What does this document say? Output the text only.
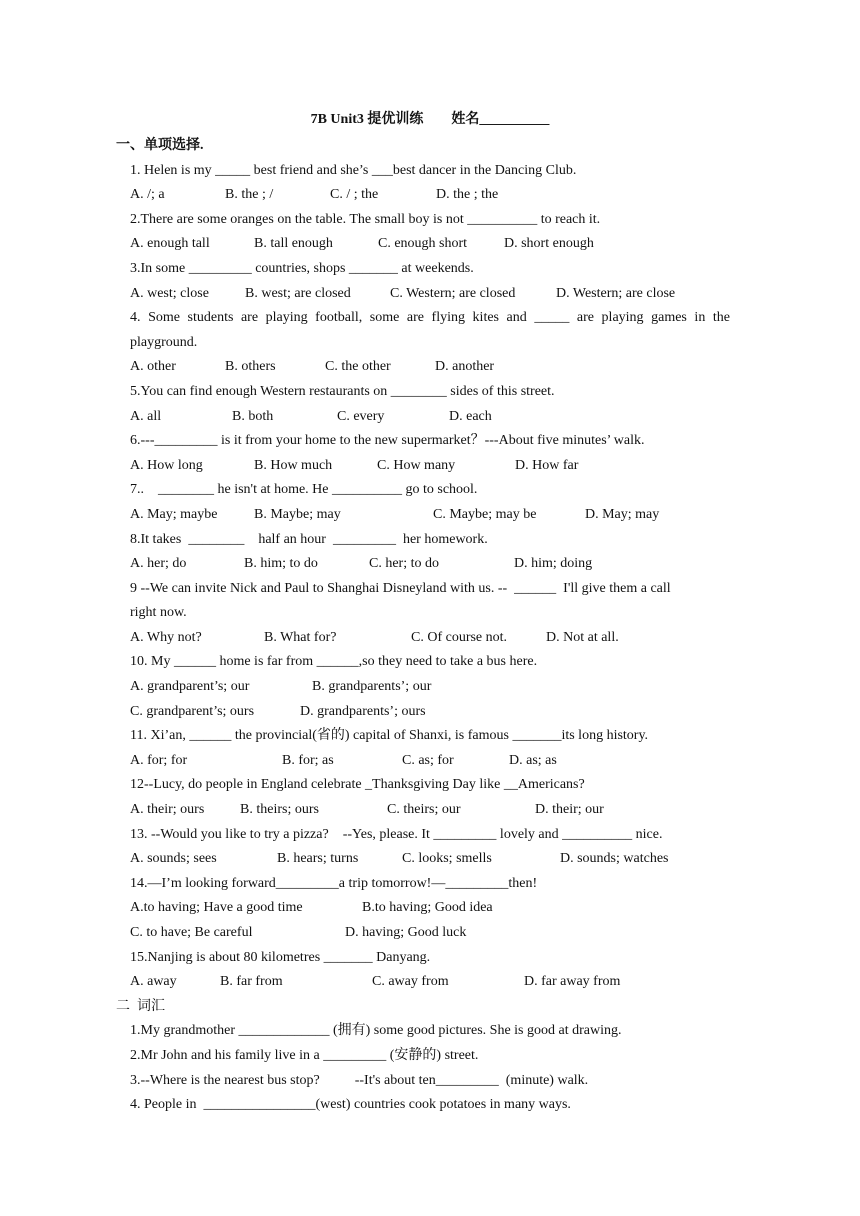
7B Unit3 提优训练 姓名__________
一、单项选择.
1. Helen is my _____ best friend and she’s ___best dancer in the Dancing Club.
A. /; a	B. the ; /	C. / ; the	D. the ; the
2.There are some oranges on the table. The small boy is not __________ to reach it.
A. enough tall	B. tall enough	C. enough short	D. short enough
3.In some _________ countries, shops _______ at weekends.
A. west; close	B. west; are closed	C. Western; are closed	D. Western; are close
4. Some students are playing football, some are flying kites and _____ are playing games in the
playground.
A. other	B. others	C. the other	D. another
5.You can find enough Western restaurants on ________ sides of this street.
A. all	B. both	C. every	D. each
6.---_________ is it from your home to the new supermarket？---About five minutes’ walk.
A. How long	B. How much	C. How many	D. How far
7..    ________ he isn't at home. He __________ go to school.
A. May; maybe	B. Maybe; may	C. Maybe; may be	D. May; may
8.It takes  ________    half an hour  _________  her homework.
A. her; do	B. him; to do	C. her; to do	D. him; doing
9 --We can invite Nick and Paul to Shanghai Disneyland with us. --  ______  I'll give them a call
right now.
A. Why not?	B. What for?	C. Of course not.	D. Not at all.
10. My ______ home is far from ______,so they need to take a bus here.
A. grandparent’s; our	B. grandparents’; our
C. grandparent’s; ours	D. grandparents’; ours
11. Xi’an, ______ the provincial(省的) capital of Shanxi, is famous _______its long history.
A. for; for	B. for; as	C. as; for	D. as; as
12--Lucy, do people in England celebrate _Thanksgiving Day like __Americans?
A. their; ours	B. theirs; ours	C. theirs; our	D. their; our
13. --Would you like to try a pizza?    --Yes, please. It _________ lovely and __________ nice.
A. sounds; sees	B. hears; turns	C. looks; smells	D. sounds; watches
14.—I’m looking forward_________a trip tomorrow!—_________then!
A.to having; Have a good time	B.to having; Good idea
C. to have; Be careful	D. having; Good luck
15.Nanjing is about 80 kilometres _______ Danyang.
A. away	B. far from	C. away from	D. far away from
二  词汇
1.My grandmother _____________ (拥有) some good pictures. She is good at drawing.
2.Mr John and his family live in a _________ (安静的) street.
3.--Where is the nearest bus stop?          --It's about ten_________  (minute) walk.
4. People in  ________________(west) countries cook potatoes in many ways.
